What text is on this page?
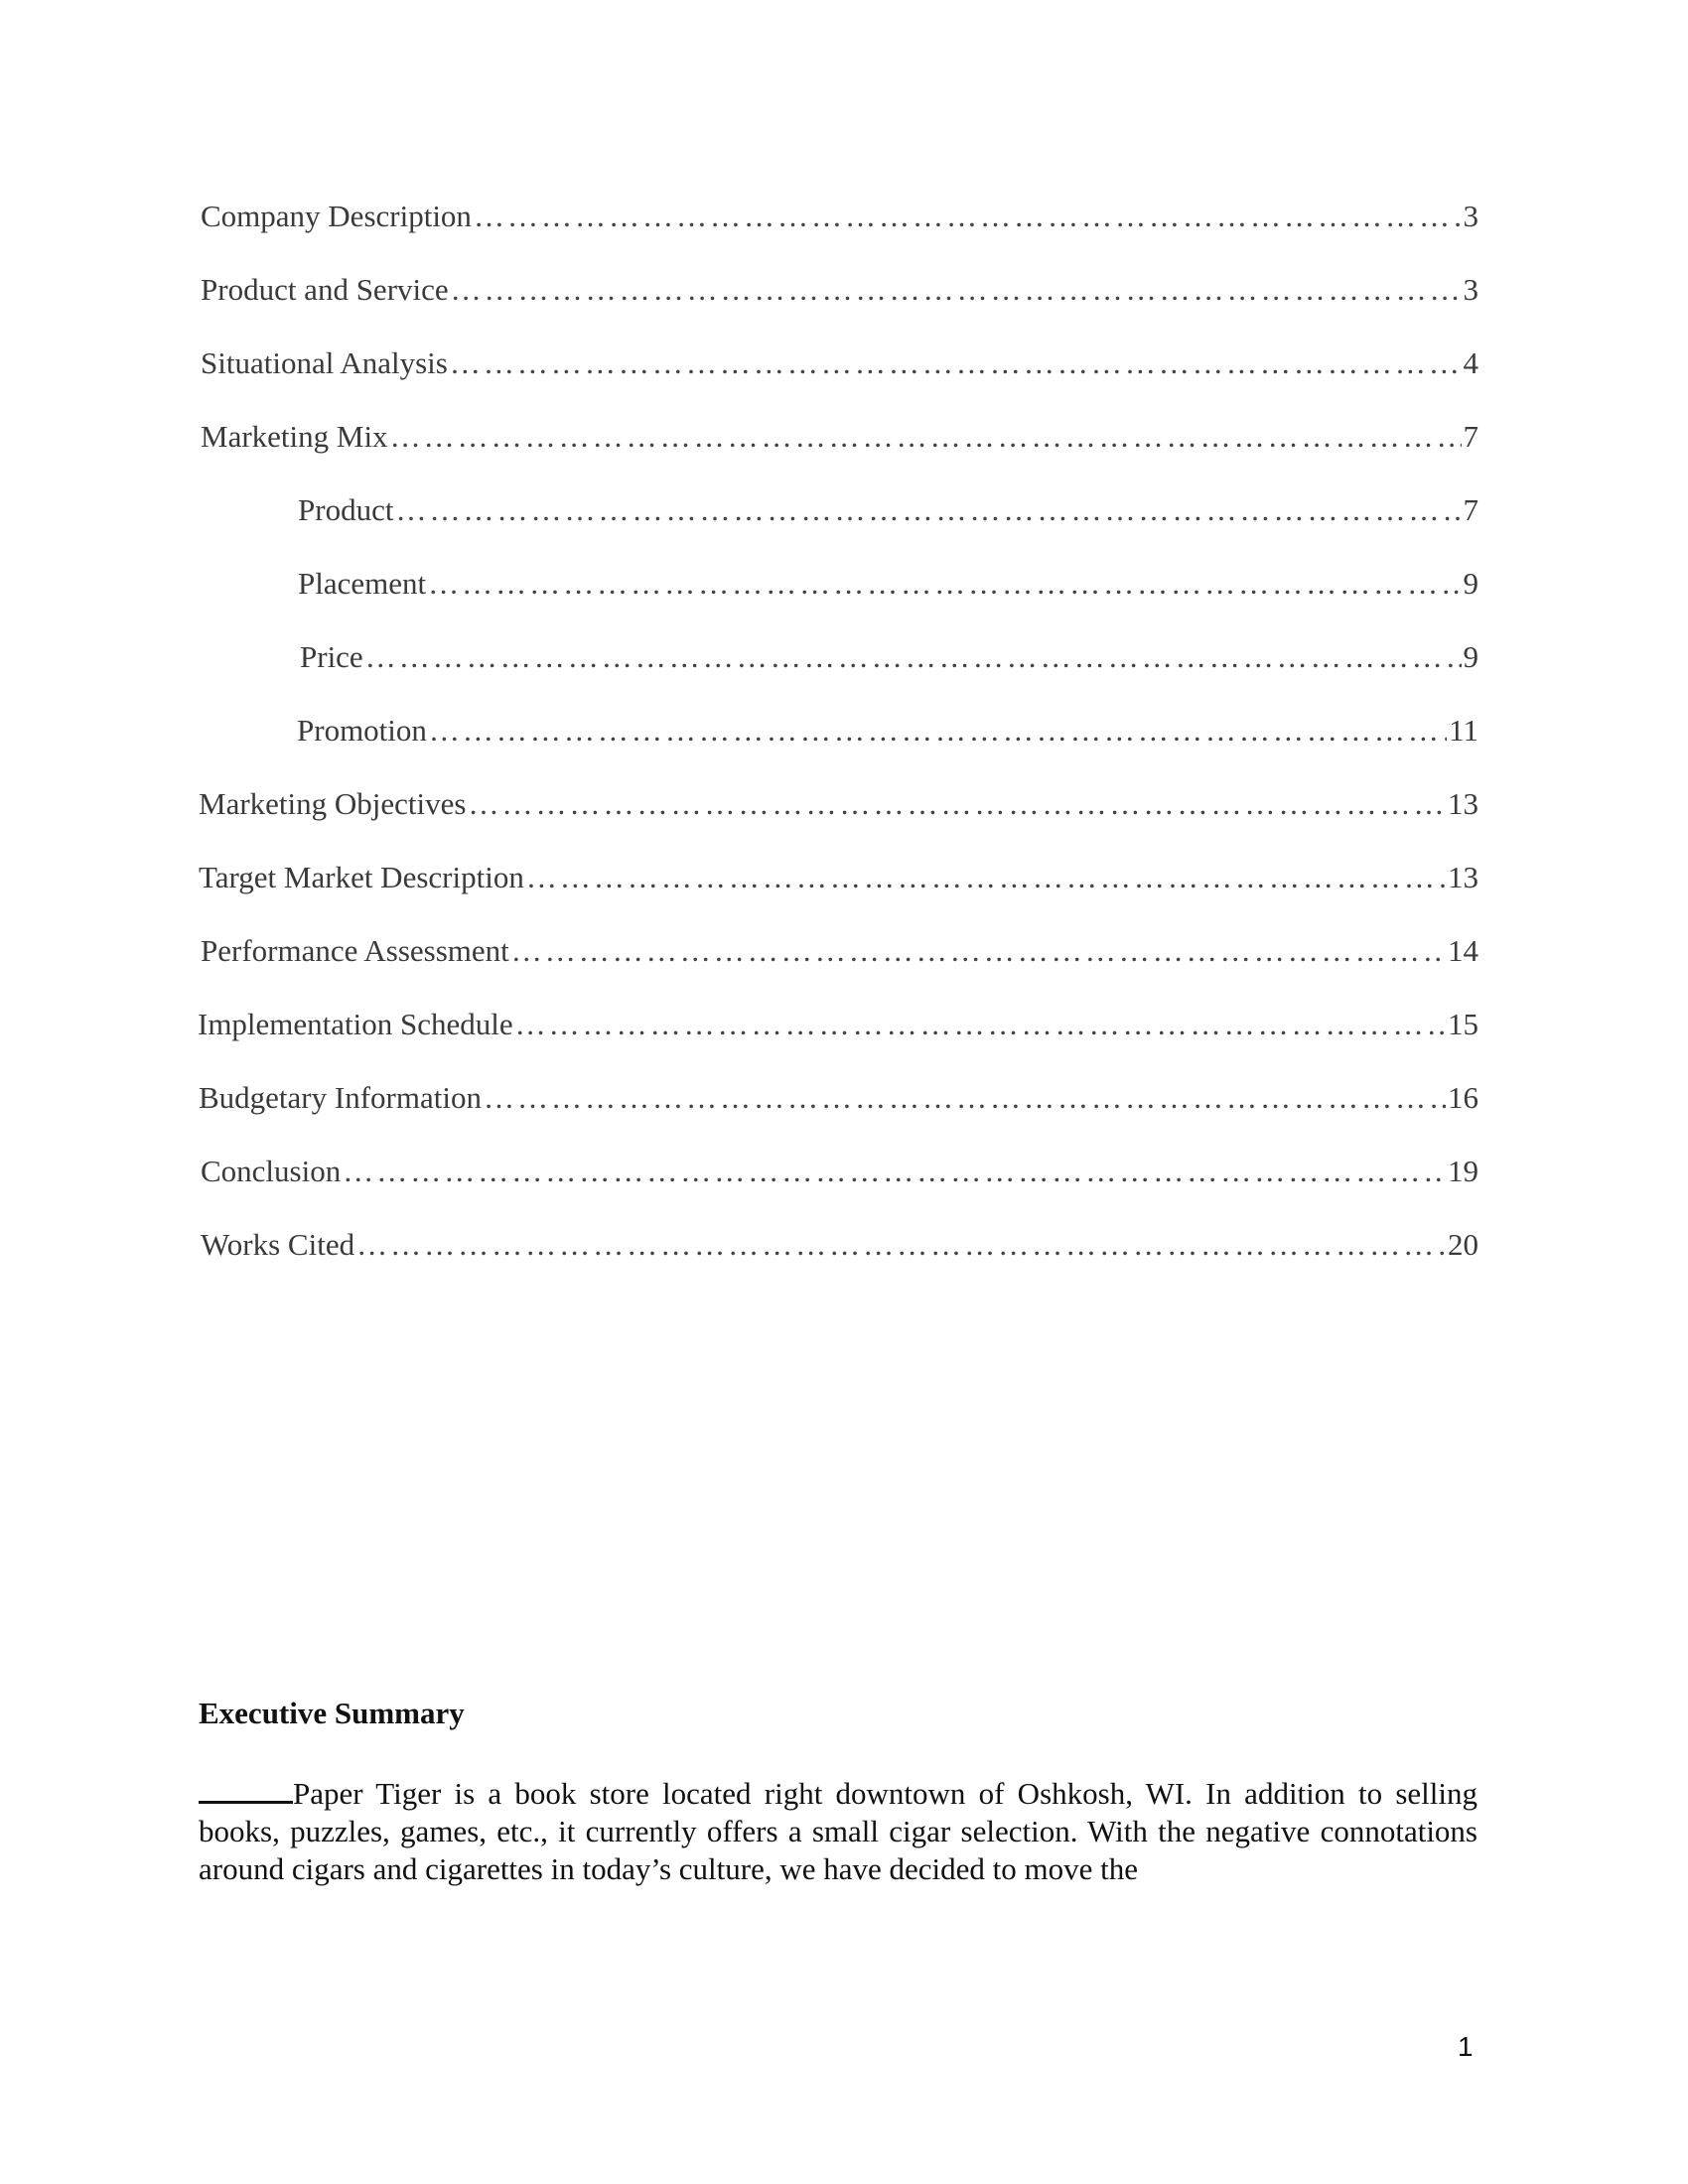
Company Description ……………………………………………………………………………………………………………………………………………………………………	3
Product and Service ……………………………………………………………………………………………………………………………………………………………………	3
Situational Analysis ……………………………………………………………………………………………………………………………………………………………………	4
Marketing Mix ……………………………………………………………………………………………………………………………………………………………………	7
Product ……………………………………………………………………………………………………………………………………………………………………	7
Placement ……………………………………………………………………………………………………………………………………………………………………	9
Price ……………………………………………………………………………………………………………………………………………………………………	9
Promotion ……………………………………………………………………………………………………………………………………………………………………	11
Marketing Objectives ……………………………………………………………………………………………………………………………………………………………………	13
Target Market Description ……………………………………………………………………………………………………………………………………………………………………	13
Performance Assessment ……………………………………………………………………………………………………………………………………………………………………	14
Implementation Schedule ……………………………………………………………………………………………………………………………………………………………………	15
Budgetary Information ……………………………………………………………………………………………………………………………………………………………………	16
Conclusion ……………………………………………………………………………………………………………………………………………………………………	19
Works Cited ……………………………………………………………………………………………………………………………………………………………………	20
Executive Summary
Paper Tiger is a book store located right downtown of Oshkosh, WI. In addition to selling books, puzzles, games, etc., it currently offers a small cigar selection. With the negative connotations around cigars and cigarettes in today’s culture, we have decided to move the
1
